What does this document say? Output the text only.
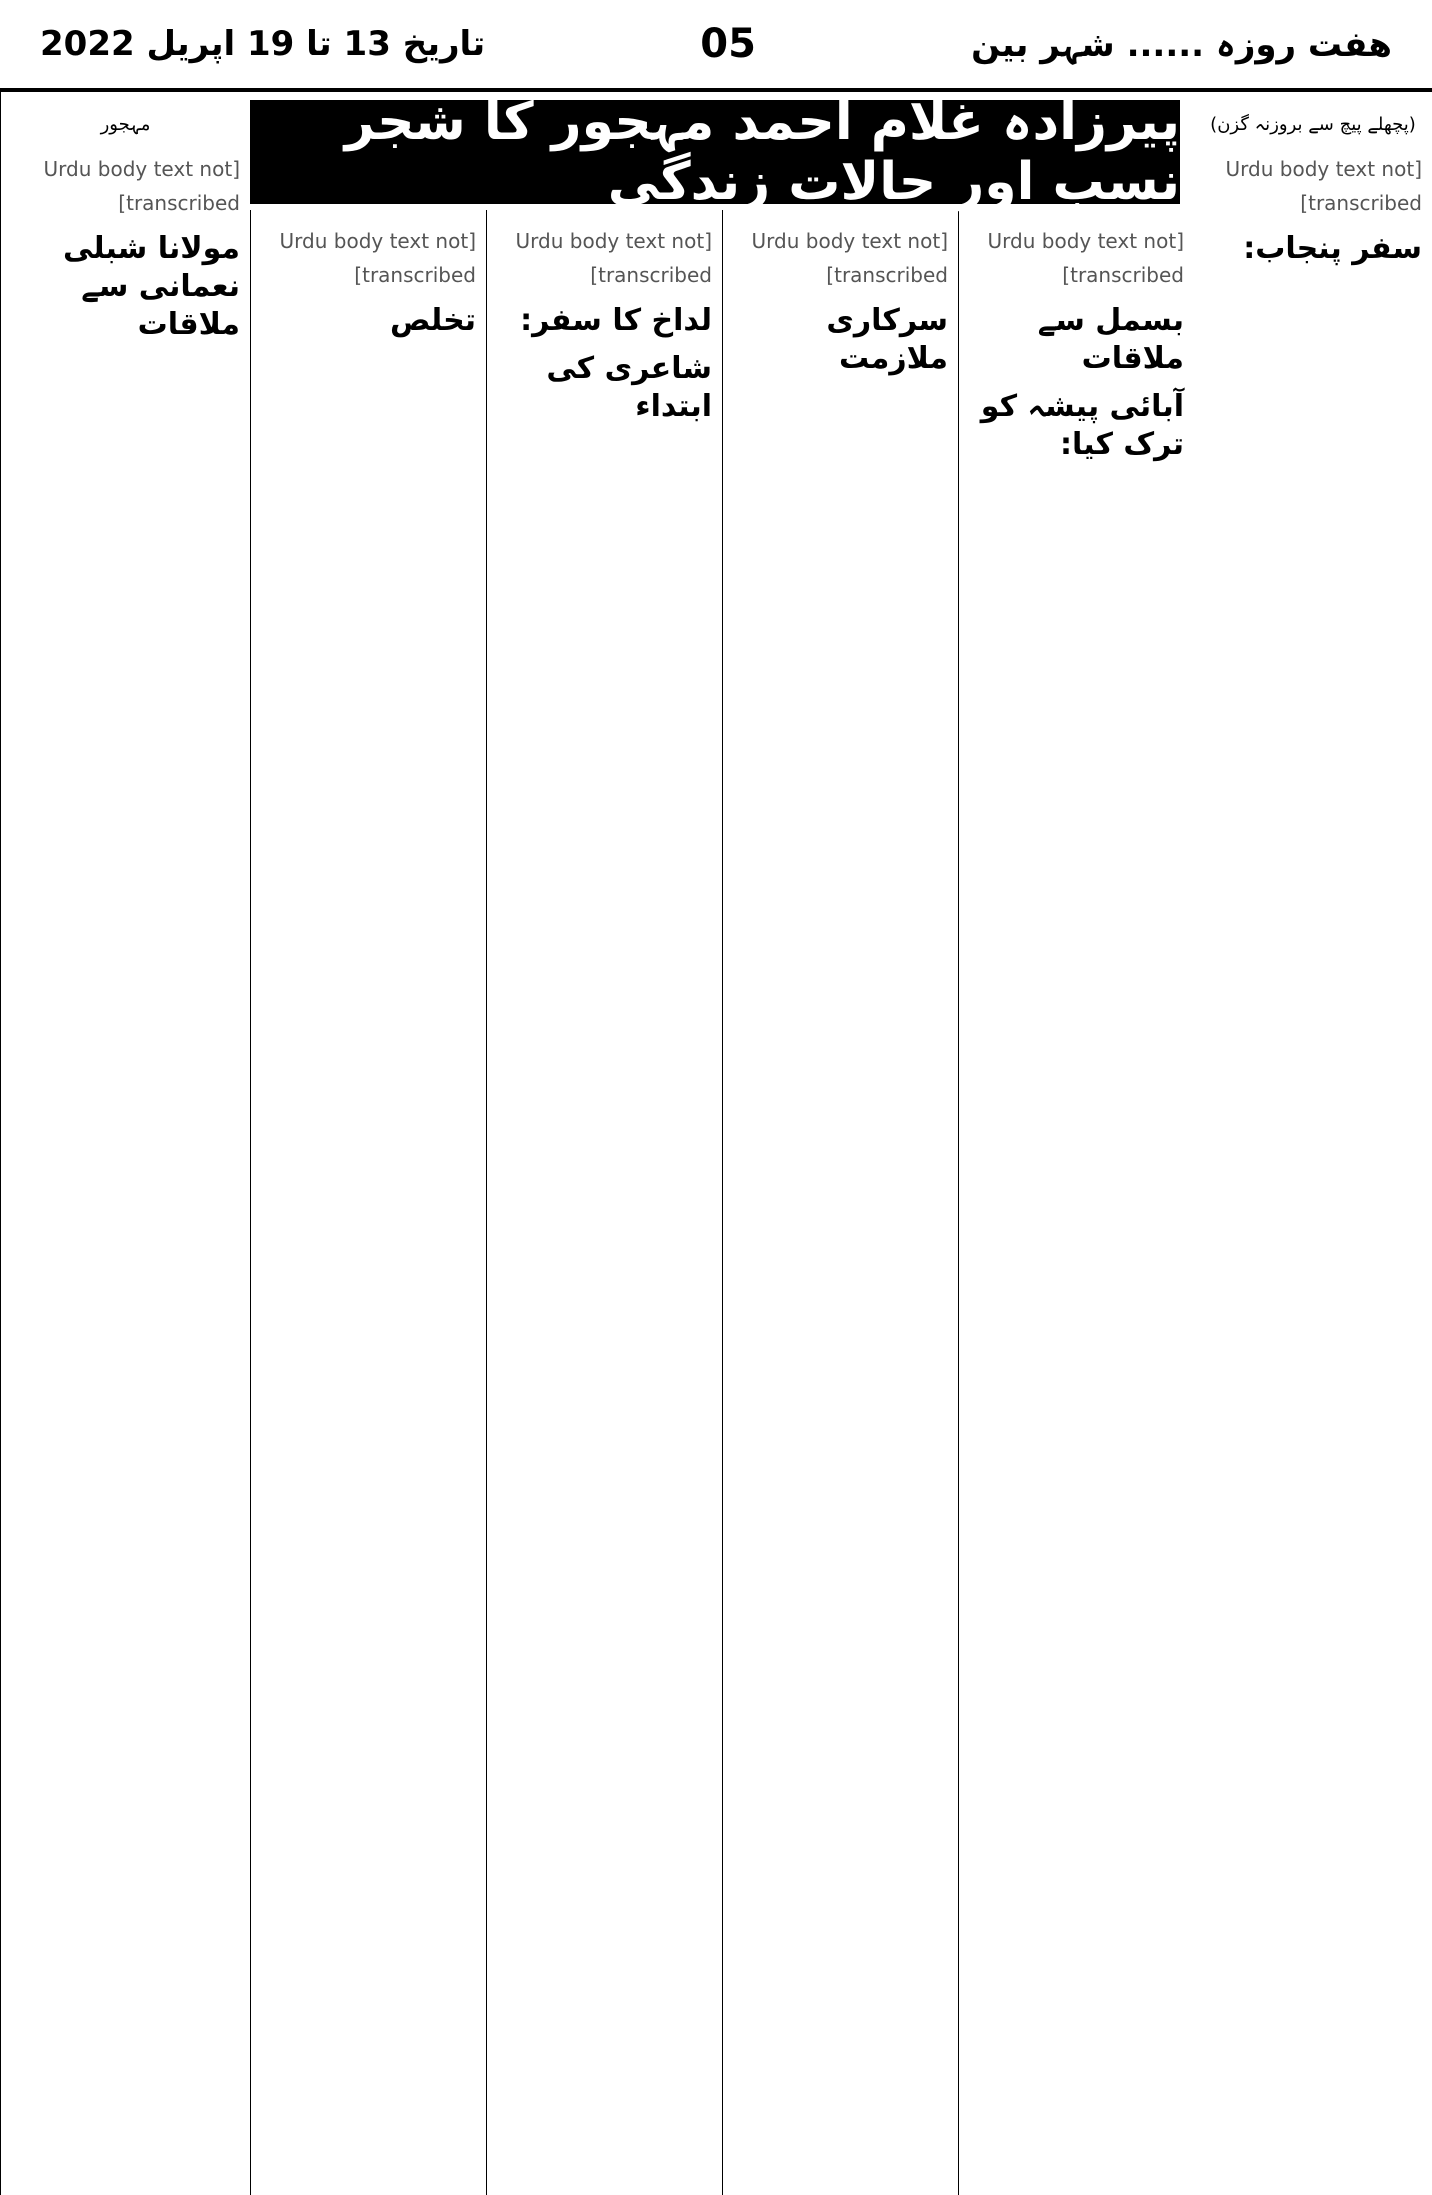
تاریخ 13 تا 19 اپریل 2022	05	هفت روزہ ...... شہر بین
(پچھلے پیچ سے بروزنہ گزن)
[Urdu body text not transcribed]
سفر پنجاب:
[Urdu body text not transcribed]
بسمل سے ملاقات
آبائی پیشہ کو ترک کیا:
[Urdu body text not transcribed]
سرکاری ملازمت
[Urdu body text not transcribed]
لداخ کا سفر:
شاعری کی ابتداء
[Urdu body text not transcribed]
تخلص
مہجور
[Urdu body text not transcribed]
مولانا شبلی نعمانی سے ملاقات
پیرزادہ غلام احمد مہجور کا شجر نسب اور حالات زندگی
